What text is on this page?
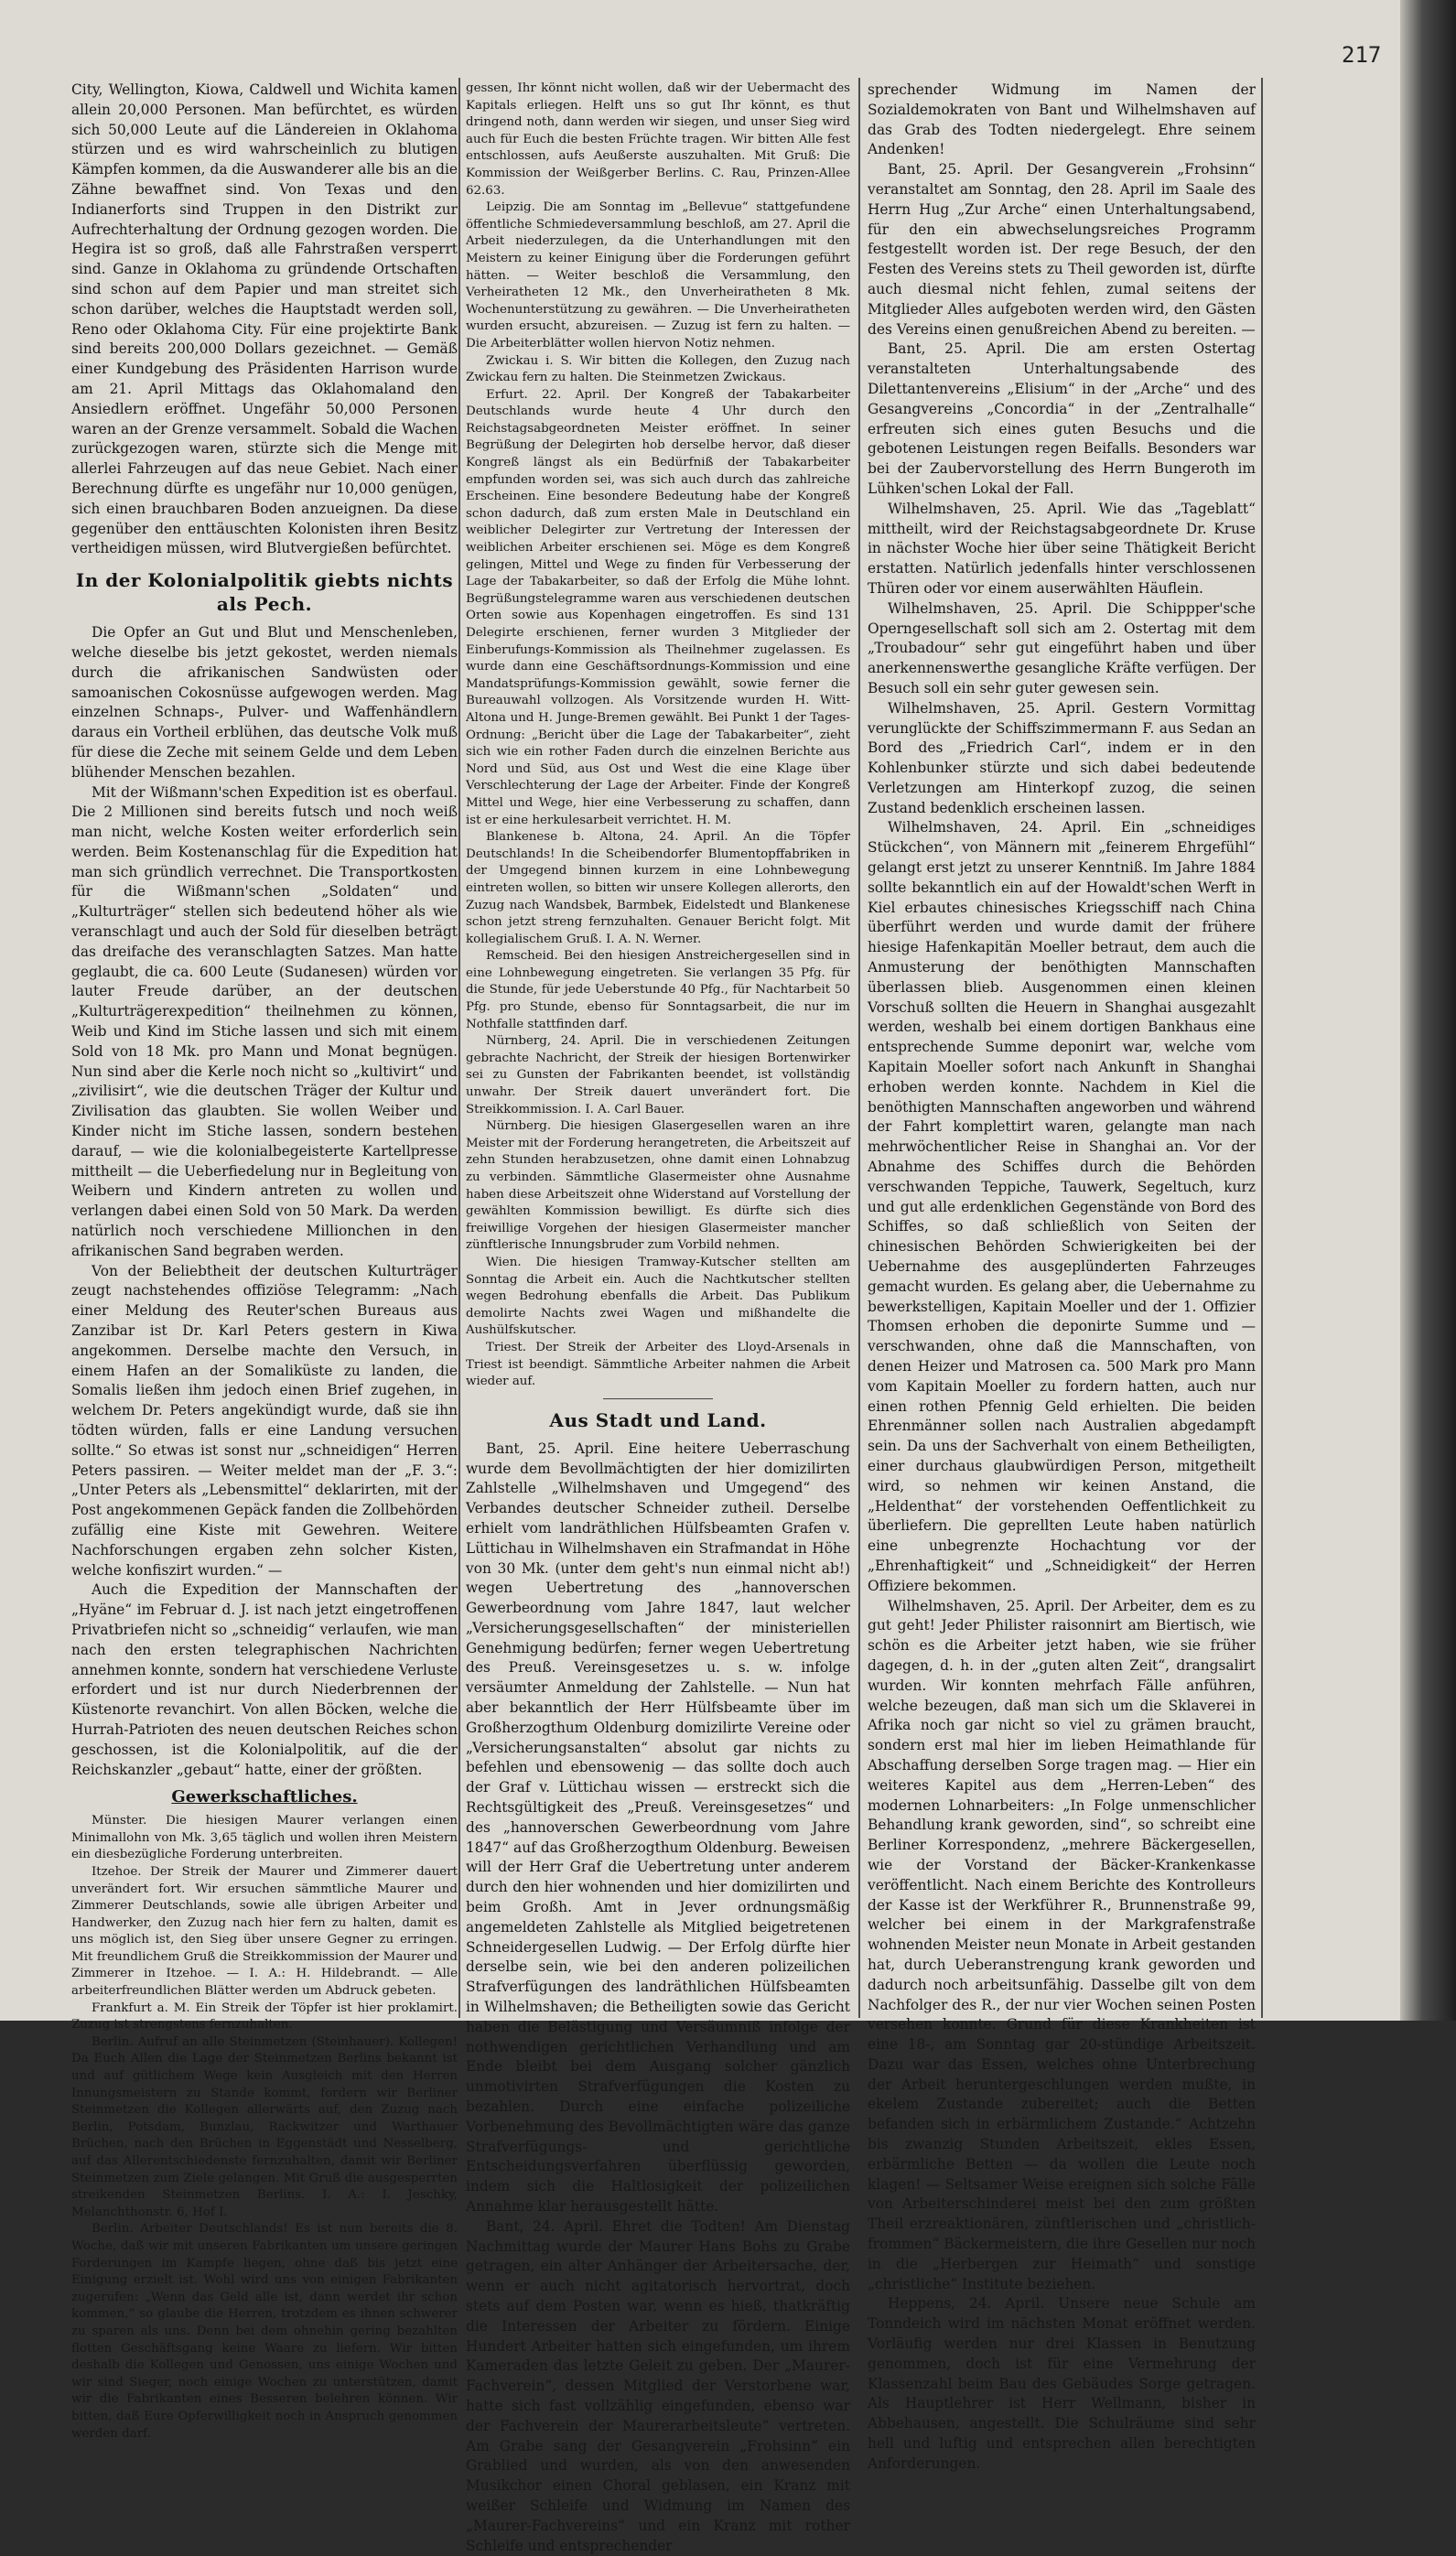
217

City, Wellington, Kiowa, Caldwell und Wichita kamen allein 20,000 Personen. Man befürchtet, es würden sich 50,000 Leute auf die Ländereien in Oklahoma stürzen und es wird wahrscheinlich zu blutigen Kämpfen kommen, da die Auswanderer alle bis an die Zähne bewaffnet sind. Von Texas und den Indianerforts sind Truppen in den Distrikt zur Aufrechterhaltung der Ordnung gezogen worden. Die Hegira ist so groß, daß alle Fahrstraßen versperrt sind. Ganze in Oklahoma zu gründende Ortschaften sind schon auf dem Papier und man streitet sich schon darüber, welches die Hauptstadt werden soll, Reno oder Oklahoma City. Für eine projektirte Bank sind bereits 200,000 Dollars gezeichnet. — Gemäß einer Kundgebung des Präsidenten Harrison wurde am 21. April Mittags das Oklahomaland den Ansiedlern eröffnet. Ungefähr 50,000 Personen waren an der Grenze versammelt. Sobald die Wachen zurückgezogen waren, stürzte sich die Menge mit allerlei Fahrzeugen auf das neue Gebiet. Nach einer Berechnung dürfte es ungefähr nur 10,000 genügen, sich einen brauchbaren Boden anzueignen. Da diese gegenüber den enttäuschten Kolonisten ihren Besitz vertheidigen müssen, wird Blutvergießen befürchtet.

In der Kolonialpolitik giebts nichts als Pech.

Die Opfer an Gut und Blut und Menschenleben, welche dieselbe bis jetzt gekostet, werden niemals durch die afrikanischen Sandwüsten oder samoanischen Cokosnüsse aufgewogen werden. Mag einzelnen Schnaps-, Pulver- und Waffenhändlern daraus ein Vortheil erblühen, das deutsche Volk muß für diese die Zeche mit seinem Gelde und dem Leben blühender Menschen bezahlen.

Mit der Wißmann'schen Expedition ist es oberfaul. Die 2 Millionen sind bereits futsch und noch weiß man nicht, welche Kosten weiter erforderlich sein werden. Beim Kostenanschlag für die Expedition hat man sich gründlich verrechnet. Die Transportkosten für die Wißmann'schen „Soldaten“ und „Kulturträger“ stellen sich bedeutend höher als wie veranschlagt und auch der Sold für dieselben beträgt das dreifache des veranschlagten Satzes. Man hatte geglaubt, die ca. 600 Leute (Sudanesen) würden vor lauter Freude darüber, an der deutschen „Kulturträgerexpedition“ theilnehmen zu können, Weib und Kind im Stiche lassen und sich mit einem Sold von 18 Mk. pro Mann und Monat begnügen. Nun sind aber die Kerle noch nicht so „kultivirt“ und „zivilisirt“, wie die deutschen Träger der Kultur und Zivilisation das glaubten. Sie wollen Weiber und Kinder nicht im Stiche lassen, sondern bestehen darauf, — wie die kolonialbegeisterte Kartellpresse mittheilt — die Ueberfiedelung nur in Begleitung von Weibern und Kindern antreten zu wollen und verlangen dabei einen Sold von 50 Mark. Da werden natürlich noch verschiedene Millionchen in den afrikanischen Sand begraben werden.

Von der Beliebtheit der deutschen Kulturträger zeugt nachstehendes offiziöse Telegramm: „Nach einer Meldung des Reuter'schen Bureaus aus Zanzibar ist Dr. Karl Peters gestern in Kiwa angekommen. Derselbe machte den Versuch, in einem Hafen an der Somaliküste zu landen, die Somalis ließen ihm jedoch einen Brief zugehen, in welchem Dr. Peters angekündigt wurde, daß sie ihn tödten würden, falls er eine Landung versuchen sollte.“ So etwas ist sonst nur „schneidigen“ Herren Peters passiren. — Weiter meldet man der „F. 3.“: „Unter Peters als „Lebensmittel“ deklarirten, mit der Post angekommenen Gepäck fanden die Zollbehörden zufällig eine Kiste mit Gewehren. Weitere Nachforschungen ergaben zehn solcher Kisten, welche konfiszirt wurden.“ —

Auch die Expedition der Mannschaften der „Hyäne“ im Februar d. J. ist nach jetzt eingetroffenen Privatbriefen nicht so „schneidig“ verlaufen, wie man nach den ersten telegraphischen Nachrichten annehmen konnte, sondern hat verschiedene Verluste erfordert und ist nur durch Niederbrennen der Küstenorte revanchirt. Von allen Böcken, welche die Hurrah-Patrioten des neuen deutschen Reiches schon geschossen, ist die Kolonialpolitik, auf die der Reichskanzler „gebaut“ hatte, einer der größten.

Gewerkschaftliches.

Münster. Die hiesigen Maurer verlangen einen Minimallohn von Mk. 3,65 täglich und wollen ihren Meistern ein diesbezügliche Forderung unterbreiten.

Itzehoe. Der Streik der Maurer und Zimmerer dauert unverändert fort. Wir ersuchen sämmtliche Maurer und Zimmerer Deutschlands, sowie alle übrigen Arbeiter und Handwerker, den Zuzug nach hier fern zu halten, damit es uns möglich ist, den Sieg über unsere Gegner zu erringen. Mit freundlichem Gruß die Streikkommission der Maurer und Zimmerer in Itzehoe. — I. A.: H. Hildebrandt. — Alle arbeiterfreundlichen Blätter werden um Abdruck gebeten.

Frankfurt a. M. Ein Streik der Töpfer ist hier proklamirt. Zuzug ist strengstens fernzuhalten.

Berlin. Aufruf an alle Steinmetzen (Steinhauer). Kollegen! Da Euch Allen die Lage der Steinmetzen Berlins bekannt ist und auf gütlichem Wege kein Ausgleich mit den Herren Innungsmeistern zu Stande kommt, fordern wir Berliner Steinmetzen die Kollegen allerwärts auf, den Zuzug nach Berlin, Potsdam, Bunzlau, Rackwitzer und Warthauer Brüchen, nach den Brüchen in Eggenstädt und Nesselberg, auf das Allerentschiedenste fernzuhalten, damit wir Berliner Steinmetzen zum Ziele gelangen. Mit Gruß die ausgesperrten streikenden Steinmetzen Berlins. I. A.: I. Jeschky, Melanchthonstr. 6, Hof I.

Berlin. Arbeiter Deutschlands! Es ist nun bereits die 8. Woche, daß wir mit unseren Fabrikanten um unsere geringen Forderungen im Kampfe liegen, ohne daß bis jetzt eine Einigung erzielt ist. Wohl wird uns von einigen Fabrikanten zugerufen: „Wenn das Geld alle ist, dann werdet ihr schon kommen,“ so glaube die Herren, trotzdem es ihnen schwerer zu sparen als uns. Denn bei dem ohnehin gering bezahlten flotten Geschäftsgang keine Waare zu liefern. Wir bitten deshalb die Kollegen und Genossen, uns einige Wochen und wir sind Sieger, noch einige Wochen zu unterstützen, damit wir die Fabrikanten eines Besseren belehren können. Wir bitten, daß Eure Opferwilligkeit noch in Anspruch genommen werden darf.

gessen, Ihr könnt nicht wollen, daß wir der Uebermacht des Kapitals erliegen. Helft uns so gut Ihr könnt, es thut dringend noth, dann werden wir siegen, und unser Sieg wird auch für Euch die besten Früchte tragen. Wir bitten Alle fest entschlossen, aufs Aeußerste auszuhalten. Mit Gruß: Die Kommission der Weißgerber Berlins. C. Rau, Prinzen-Allee 62.63.

Leipzig. Die am Sonntag im „Bellevue“ stattgefundene öffentliche Schmiedeversammlung beschloß, am 27. April die Arbeit niederzulegen, da die Unterhandlungen mit den Meistern zu keiner Einigung über die Forderungen geführt hätten. — Weiter beschloß die Versammlung, den Verheiratheten 12 Mk., den Unverheiratheten 8 Mk. Wochenunterstützung zu gewähren. — Die Unverheiratheten wurden ersucht, abzureisen. — Zuzug ist fern zu halten. — Die Arbeiterblätter wollen hiervon Notiz nehmen.

Zwickau i. S. Wir bitten die Kollegen, den Zuzug nach Zwickau fern zu halten. Die Steinmetzen Zwickaus.

Erfurt. 22. April. Der Kongreß der Tabakarbeiter Deutschlands wurde heute 4 Uhr durch den Reichstagsabgeordneten Meister eröffnet. In seiner Begrüßung der Delegirten hob derselbe hervor, daß dieser Kongreß längst als ein Bedürfniß der Tabakarbeiter empfunden worden sei, was sich auch durch das zahlreiche Erscheinen. Eine besondere Bedeutung habe der Kongreß schon dadurch, daß zum ersten Male in Deutschland ein weiblicher Delegirter zur Vertretung der Interessen der weiblichen Arbeiter erschienen sei. Möge es dem Kongreß gelingen, Mittel und Wege zu finden für Verbesserung der Lage der Tabakarbeiter, so daß der Erfolg die Mühe lohnt. Begrüßungstelegramme waren aus verschiedenen deutschen Orten sowie aus Kopenhagen eingetroffen. Es sind 131 Delegirte erschienen, ferner wurden 3 Mitglieder der Einberufungs-Kommission als Theilnehmer zugelassen. Es wurde dann eine Geschäftsordnungs-Kommission und eine Mandatsprüfungs-Kommission gewählt, sowie ferner die Bureauwahl vollzogen. Als Vorsitzende wurden H. Witt-Altona und H. Junge-Bremen gewählt. Bei Punkt 1 der Tages-Ordnung: „Bericht über die Lage der Tabakarbeiter“, zieht sich wie ein rother Faden durch die einzelnen Berichte aus Nord und Süd, aus Ost und West die eine Klage über Verschlechterung der Lage der Arbeiter. Finde der Kongreß Mittel und Wege, hier eine Verbesserung zu schaffen, dann ist er eine herkulesarbeit verrichtet. H. M.

Blankenese b. Altona, 24. April. An die Töpfer Deutschlands! In die Scheibendorfer Blumentopffabriken in der Umgegend binnen kurzem in eine Lohnbewegung eintreten wollen, so bitten wir unsere Kollegen allerorts, den Zuzug nach Wandsbek, Barmbek, Eidelstedt und Blankenese schon jetzt streng fernzuhalten. Genauer Bericht folgt. Mit kollegialischem Gruß. I. A. N. Werner.

Remscheid. Bei den hiesigen Anstreichergesellen sind in eine Lohnbewegung eingetreten. Sie verlangen 35 Pfg. für die Stunde, für jede Ueberstunde 40 Pfg., für Nachtarbeit 50 Pfg. pro Stunde, ebenso für Sonntagsarbeit, die nur im Nothfalle stattfinden darf.

Nürnberg, 24. April. Die in verschiedenen Zeitungen gebrachte Nachricht, der Streik der hiesigen Bortenwirker sei zu Gunsten der Fabrikanten beendet, ist vollständig unwahr. Der Streik dauert unverändert fort. Die Streikkommission. I. A. Carl Bauer.

Nürnberg. Die hiesigen Glasergesellen waren an ihre Meister mit der Forderung herangetreten, die Arbeitszeit auf zehn Stunden herabzusetzen, ohne damit einen Lohnabzug zu verbinden. Sämmtliche Glasermeister ohne Ausnahme haben diese Arbeitszeit ohne Widerstand auf Vorstellung der gewählten Kommission bewilligt. Es dürfte sich dies freiwillige Vorgehen der hiesigen Glasermeister mancher zünftlerische Innungsbruder zum Vorbild nehmen.

Wien. Die hiesigen Tramway-Kutscher stellten am Sonntag die Arbeit ein. Auch die Nachtkutscher stellten wegen Bedrohung ebenfalls die Arbeit. Das Publikum demolirte Nachts zwei Wagen und mißhandelte die Aushülfskutscher.

Triest. Der Streik der Arbeiter des Lloyd-Arsenals in Triest ist beendigt. Sämmtliche Arbeiter nahmen die Arbeit wieder auf.

Aus Stadt und Land.

Bant, 25. April. Eine heitere Ueberraschung wurde dem Bevollmächtigten der hier domizilirten Zahlstelle „Wilhelmshaven und Umgegend“ des Verbandes deutscher Schneider zutheil. Derselbe erhielt vom landräthlichen Hülfsbeamten Grafen v. Lüttichau in Wilhelmshaven ein Strafmandat in Höhe von 30 Mk. (unter dem geht's nun einmal nicht ab!) wegen Uebertretung des „hannoverschen Gewerbeordnung vom Jahre 1847, laut welcher „Versicherungsgesellschaften“ der ministeriellen Genehmigung bedürfen; ferner wegen Uebertretung des Preuß. Vereinsgesetzes u. s. w. infolge versäumter Anmeldung der Zahlstelle. — Nun hat aber bekanntlich der Herr Hülfsbeamte über im Großherzogthum Oldenburg domizilirte Vereine oder „Versicherungsanstalten“ absolut gar nichts zu befehlen und ebensowenig — das sollte doch auch der Graf v. Lüttichau wissen — erstreckt sich die Rechtsgültigkeit des „Preuß. Vereinsgesetzes“ und des „hannoverschen Gewerbeordnung vom Jahre 1847“ auf das Großherzogthum Oldenburg. Beweisen will der Herr Graf die Uebertretung unter anderem durch den hier wohnenden und hier domizilirten und beim Großh. Amt in Jever ordnungsmäßig angemeldeten Zahlstelle als Mitglied beigetretenen Schneidergesellen Ludwig. — Der Erfolg dürfte hier derselbe sein, wie bei den anderen polizeilichen Strafverfügungen des landräthlichen Hülfsbeamten in Wilhelmshaven; die Betheiligten sowie das Gericht haben die Belästigung und Versäumniß infolge der nothwendigen gerichtlichen Verhandlung und am Ende bleibt bei dem Ausgang solcher gänzlich unmotivirten Strafverfügungen die Kosten zu bezahlen. Durch eine einfache polizeiliche Vorbenehmung des Bevollmächtigten wäre das ganze Strafverfügungs- und gerichtliche Entscheidungsverfahren überflüssig geworden, indem sich die Haltlosigkeit der polizeilichen Annahme klar herausgestellt hätte.

Bant, 24. April. Ehret die Todten! Am Dienstag Nachmittag wurde der Maurer Hans Bohs zu Grabe getragen, ein alter Anhänger der Arbeitersache, der, wenn er auch nicht agitatorisch hervortrat, doch stets auf dem Posten war, wenn es hieß, thatkräftig die Interessen der Arbeiter zu fördern. Einige Hundert Arbeiter hatten sich eingefunden, um ihrem Kameraden das letzte Geleit zu geben. Der „Maurer-Fachverein“, dessen Mitglied der Verstorbene war, hatte sich fast vollzählig eingefunden, ebenso war der Fachverein der Maurerarbeitsleute“ vertreten. Am Grabe sang der Gesangverein „Frohsinn“ ein Grablied und wurden, als von den anwesenden Musikchor einen Choral geblasen, ein Kranz mit weißer Schleife und Widmung im Namen des „Maurer-Fachvereins“ und ein Kranz mit rother Schleife und entsprechender

sprechender Widmung im Namen der Sozialdemokraten von Bant und Wilhelmshaven auf das Grab des Todten niedergelegt. Ehre seinem Andenken!

Bant, 25. April. Der Gesangverein „Frohsinn“ veranstaltet am Sonntag, den 28. April im Saale des Herrn Hug „Zur Arche“ einen Unterhaltungsabend, für den ein abwechselungsreiches Programm festgestellt worden ist. Der rege Besuch, der den Festen des Vereins stets zu Theil geworden ist, dürfte auch diesmal nicht fehlen, zumal seitens der Mitglieder Alles aufgeboten werden wird, den Gästen des Vereins einen genußreichen Abend zu bereiten. —

Bant, 25. April. Die am ersten Ostertag veranstalteten Unterhaltungsabende des Dilettantenvereins „Elisium“ in der „Arche“ und des Gesangvereins „Concordia“ in der „Zentralhalle“ erfreuten sich eines guten Besuchs und die gebotenen Leistungen regen Beifalls. Besonders war bei der Zaubervorstellung des Herrn Bungeroth im Lühken'schen Lokal der Fall.

Wilhelmshaven, 25. April. Wie das „Tageblatt“ mittheilt, wird der Reichstagsabgeordnete Dr. Kruse in nächster Woche hier über seine Thätigkeit Bericht erstatten. Natürlich jedenfalls hinter verschlossenen Thüren oder vor einem auserwählten Häuflein.

Wilhelmshaven, 25. April. Die Schippper'sche Operngesellschaft soll sich am 2. Ostertag mit dem „Troubadour“ sehr gut eingeführt haben und über anerkennenswerthe gesangliche Kräfte verfügen. Der Besuch soll ein sehr guter gewesen sein.

Wilhelmshaven, 25. April. Gestern Vormittag verunglückte der Schiffszimmermann F. aus Sedan an Bord des „Friedrich Carl“, indem er in den Kohlenbunker stürzte und sich dabei bedeutende Verletzungen am Hinterkopf zuzog, die seinen Zustand bedenklich erscheinen lassen.

Wilhelmshaven, 24. April. Ein „schneidiges Stückchen“, von Männern mit „feinerem Ehrgefühl“ gelangt erst jetzt zu unserer Kenntniß. Im Jahre 1884 sollte bekanntlich ein auf der Howaldt'schen Werft in Kiel erbautes chinesisches Kriegsschiff nach China überführt werden und wurde damit der frühere hiesige Hafenkapitän Moeller betraut, dem auch die Anmusterung der benöthigten Mannschaften überlassen blieb. Ausgenommen einen kleinen Vorschuß sollten die Heuern in Shanghai ausgezahlt werden, weshalb bei einem dortigen Bankhaus eine entsprechende Summe deponirt war, welche vom Kapitain Moeller sofort nach Ankunft in Shanghai erhoben werden konnte. Nachdem in Kiel die benöthigten Mannschaften angeworben und während der Fahrt komplettirt waren, gelangte man nach mehrwöchentlicher Reise in Shanghai an. Vor der Abnahme des Schiffes durch die Behörden verschwanden Teppiche, Tauwerk, Segeltuch, kurz und gut alle erdenklichen Gegenstände von Bord des Schiffes, so daß schließlich von Seiten der chinesischen Behörden Schwierigkeiten bei der Uebernahme des ausgeplünderten Fahrzeuges gemacht wurden. Es gelang aber, die Uebernahme zu bewerkstelligen, Kapitain Moeller und der 1. Offizier Thomsen erhoben die deponirte Summe und — verschwanden, ohne daß die Mannschaften, von denen Heizer und Matrosen ca. 500 Mark pro Mann vom Kapitain Moeller zu fordern hatten, auch nur einen rothen Pfennig Geld erhielten. Die beiden Ehrenmänner sollen nach Australien abgedampft sein. Da uns der Sachverhalt von einem Betheiligten, einer durchaus glaubwürdigen Person, mitgetheilt wird, so nehmen wir keinen Anstand, die „Heldenthat“ der vorstehenden Oeffentlichkeit zu überliefern. Die geprellten Leute haben natürlich eine unbegrenzte Hochachtung vor der „Ehrenhaftigkeit“ und „Schneidigkeit“ der Herren Offiziere bekommen.

Wilhelmshaven, 25. April. Der Arbeiter, dem es zu gut geht! Jeder Philister raisonnirt am Biertisch, wie schön es die Arbeiter jetzt haben, wie sie früher dagegen, d. h. in der „guten alten Zeit“, drangsalirt wurden. Wir konnten mehrfach Fälle anführen, welche bezeugen, daß man sich um die Sklaverei in Afrika noch gar nicht so viel zu grämen braucht, sondern erst mal hier im lieben Heimathlande für Abschaffung derselben Sorge tragen mag. — Hier ein weiteres Kapitel aus dem „Herren-Leben“ des modernen Lohnarbeiters: „In Folge unmenschlicher Behandlung krank geworden, sind“, so schreibt eine Berliner Korrespondenz, „mehrere Bäckergesellen, wie der Vorstand der Bäcker-Krankenkasse veröffentlicht. Nach einem Berichte des Kontrolleurs der Kasse ist der Werkführer R., Brunnenstraße 99, welcher bei einem in der Markgrafenstraße wohnenden Meister neun Monate in Arbeit gestanden hat, durch Ueberanstrengung krank geworden und dadurch noch arbeitsunfähig. Dasselbe gilt von dem Nachfolger des R., der nur vier Wochen seinen Posten versehen konnte. Grund für diese Krankheiten ist eine 18-, am Sonntag gar 20-stündige Arbeitszeit. Dazu war das Essen, welches ohne Unterbrechung der Arbeit heruntergeschlungen werden mußte, in ekelem Zustande zubereitet; auch die Betten befanden sich in erbärmlichem Zustande.“ Achtzehn bis zwanzig Stunden Arbeitszeit, ekles Essen, erbärmliche Betten — da wollen die Leute noch klagen! — Seltsamer Weise ereignen sich solche Fälle von Arbeiterschinderei meist bei den zum größten Theil erzreaktionären, zünftlerischen und „christlich-frommen“ Bäckermeistern, die ihre Gesellen nur noch in die „Herbergen zur Heimath“ und sonstige „christliche“ Institute beziehen.

Heppens, 24. April. Unsere neue Schule am Tonndeich wird im nächsten Monat eröffnet werden. Vorläufig werden nur drei Klassen in Benutzung genommen, doch ist für eine Vermehrung der Klassenzahl beim Bau des Gebäudes Sorge getragen. Als Hauptlehrer ist Herr Wellmann, bisher in Abbehausen, angestellt. Die Schulräume sind sehr hell und luftig und entsprechen allen berechtigten Anforderungen.
